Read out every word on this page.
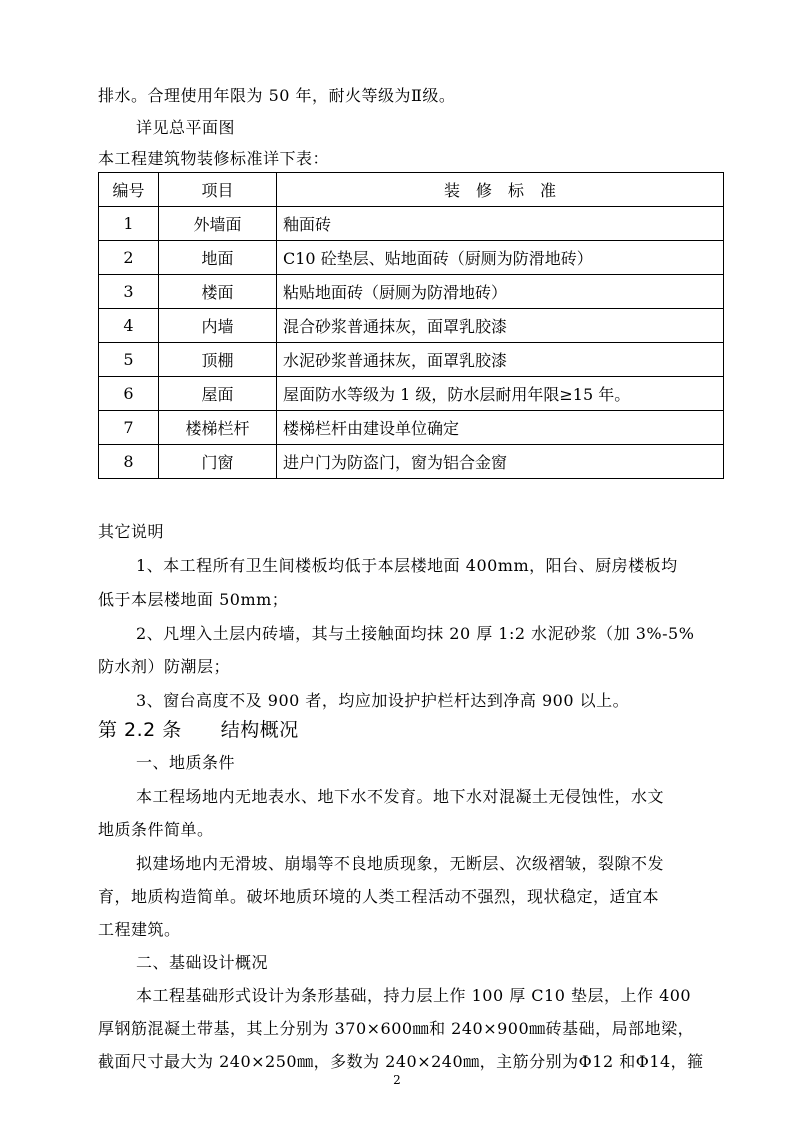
排水。合理使用年限为 50 年，耐火等级为Ⅱ级。
详见总平面图
本工程建筑物装修标准详下表：
编号	项目	装　修　标　准
1	外墙面	釉面砖
2	地面	C10 砼垫层、贴地面砖（厨厕为防滑地砖）
3	楼面	粘贴地面砖（厨厕为防滑地砖）
4	内墙	混合砂浆普通抹灰，面罩乳胶漆
5	顶棚	水泥砂浆普通抹灰，面罩乳胶漆
6	屋面	屋面防水等级为 1 级，防水层耐用年限≥15 年。
7	楼梯栏杆	楼梯栏杆由建设单位确定
8	门窗	进户门为防盗门，窗为铝合金窗
其它说明
1、本工程所有卫生间楼板均低于本层楼地面 400mm，阳台、厨房楼板均
低于本层楼地面 50mm；
2、凡埋入土层内砖墙，其与土接触面均抹 20 厚 1:2 水泥砂浆（加 3%-5%
防水剂）防潮层；
3、窗台高度不及 900 者，均应加设护护栏杆达到净高 900 以上。
第 2.2 条　　结构概况
一、地质条件
本工程场地内无地表水、地下水不发育。地下水对混凝土无侵蚀性，水文
地质条件简单。
拟建场地内无滑坡、崩塌等不良地质现象，无断层、次级褶皱，裂隙不发
育，地质构造简单。破坏地质环境的人类工程活动不强烈，现状稳定，适宜本
工程建筑。
二、基础设计概况
本工程基础形式设计为条形基础，持力层上作 100 厚 C10 垫层，上作 400
厚钢筋混凝土带基，其上分别为 370×600㎜和 240×900㎜砖基础，局部地梁，
截面尺寸最大为 240×250㎜，多数为 240×240㎜，主筋分别为Φ12 和Φ14，箍
2
